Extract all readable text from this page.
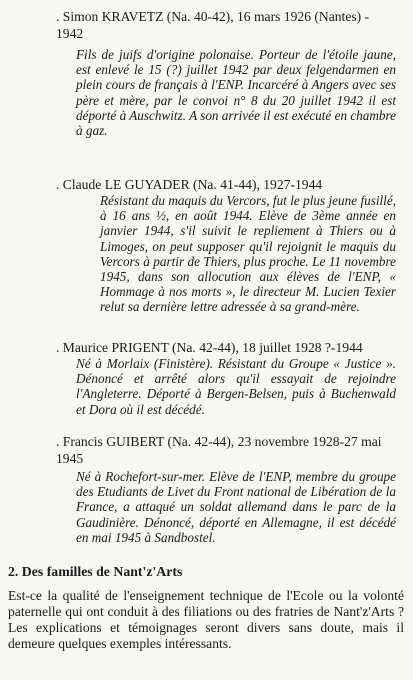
. Simon KRAVETZ (Na. 40-42), 16 mars 1926 (Nantes) -
1942
Fils de juifs d'origine polonaise. Porteur de l'étoile jaune, est enlevé le 15 (?) juillet 1942 par deux felgendarmen en plein cours de français à l'ENP. Incarcéré à Angers avec ses père et mère, par le convoi n° 8 du 20 juillet 1942 il est déporté à Auschwitz. A son arrivée il est exécuté en chambre à gaz.
. Claude LE GUYADER (Na. 41-44), 1927-1944
Résistant du maquis du Vercors, fut le plus jeune fusillé, à 16 ans ½, en août 1944. Elève de 3ème année en janvier 1944, s'il suivit le repliement à Thiers ou à Limoges, on peut supposer qu'il rejoignit le maquis du Vercors à partir de Thiers, plus proche. Le 11 novembre 1945, dans son allocution aux élèves de l'ENP, « Hommage à nos morts », le directeur M. Lucien Texier relut sa dernière lettre adressée à sa grand-mère.
. Maurice PRIGENT (Na. 42-44), 18 juillet 1928 ?-1944
Né à Morlaix (Finistère). Résistant du Groupe « Justice ». Dénoncé et arrêté alors qu'il essayait de rejoindre l'Angleterre. Déporté à Bergen-Belsen, puis à Buchenwald et Dora où il est décédé.
. Francis GUIBERT (Na. 42-44), 23 novembre 1928-27 mai
1945
Né à Rochefort-sur-mer. Elève de l'ENP, membre du groupe des Etudiants de Livet du Front national de Libération de la France, a attaqué un soldat allemand dans le parc de la Gaudinière. Dénoncé, déporté en Allemagne, il est décédé en mai 1945 à Sandbostel.
2. Des familles de Nant'z'Arts
Est-ce la qualité de l'enseignement technique de l'Ecole ou la volonté paternelle qui ont conduit à des filiations ou des fratries de Nant'z'Arts ? Les explications et témoignages seront divers sans doute, mais il demeure quelques exemples intéressants.
